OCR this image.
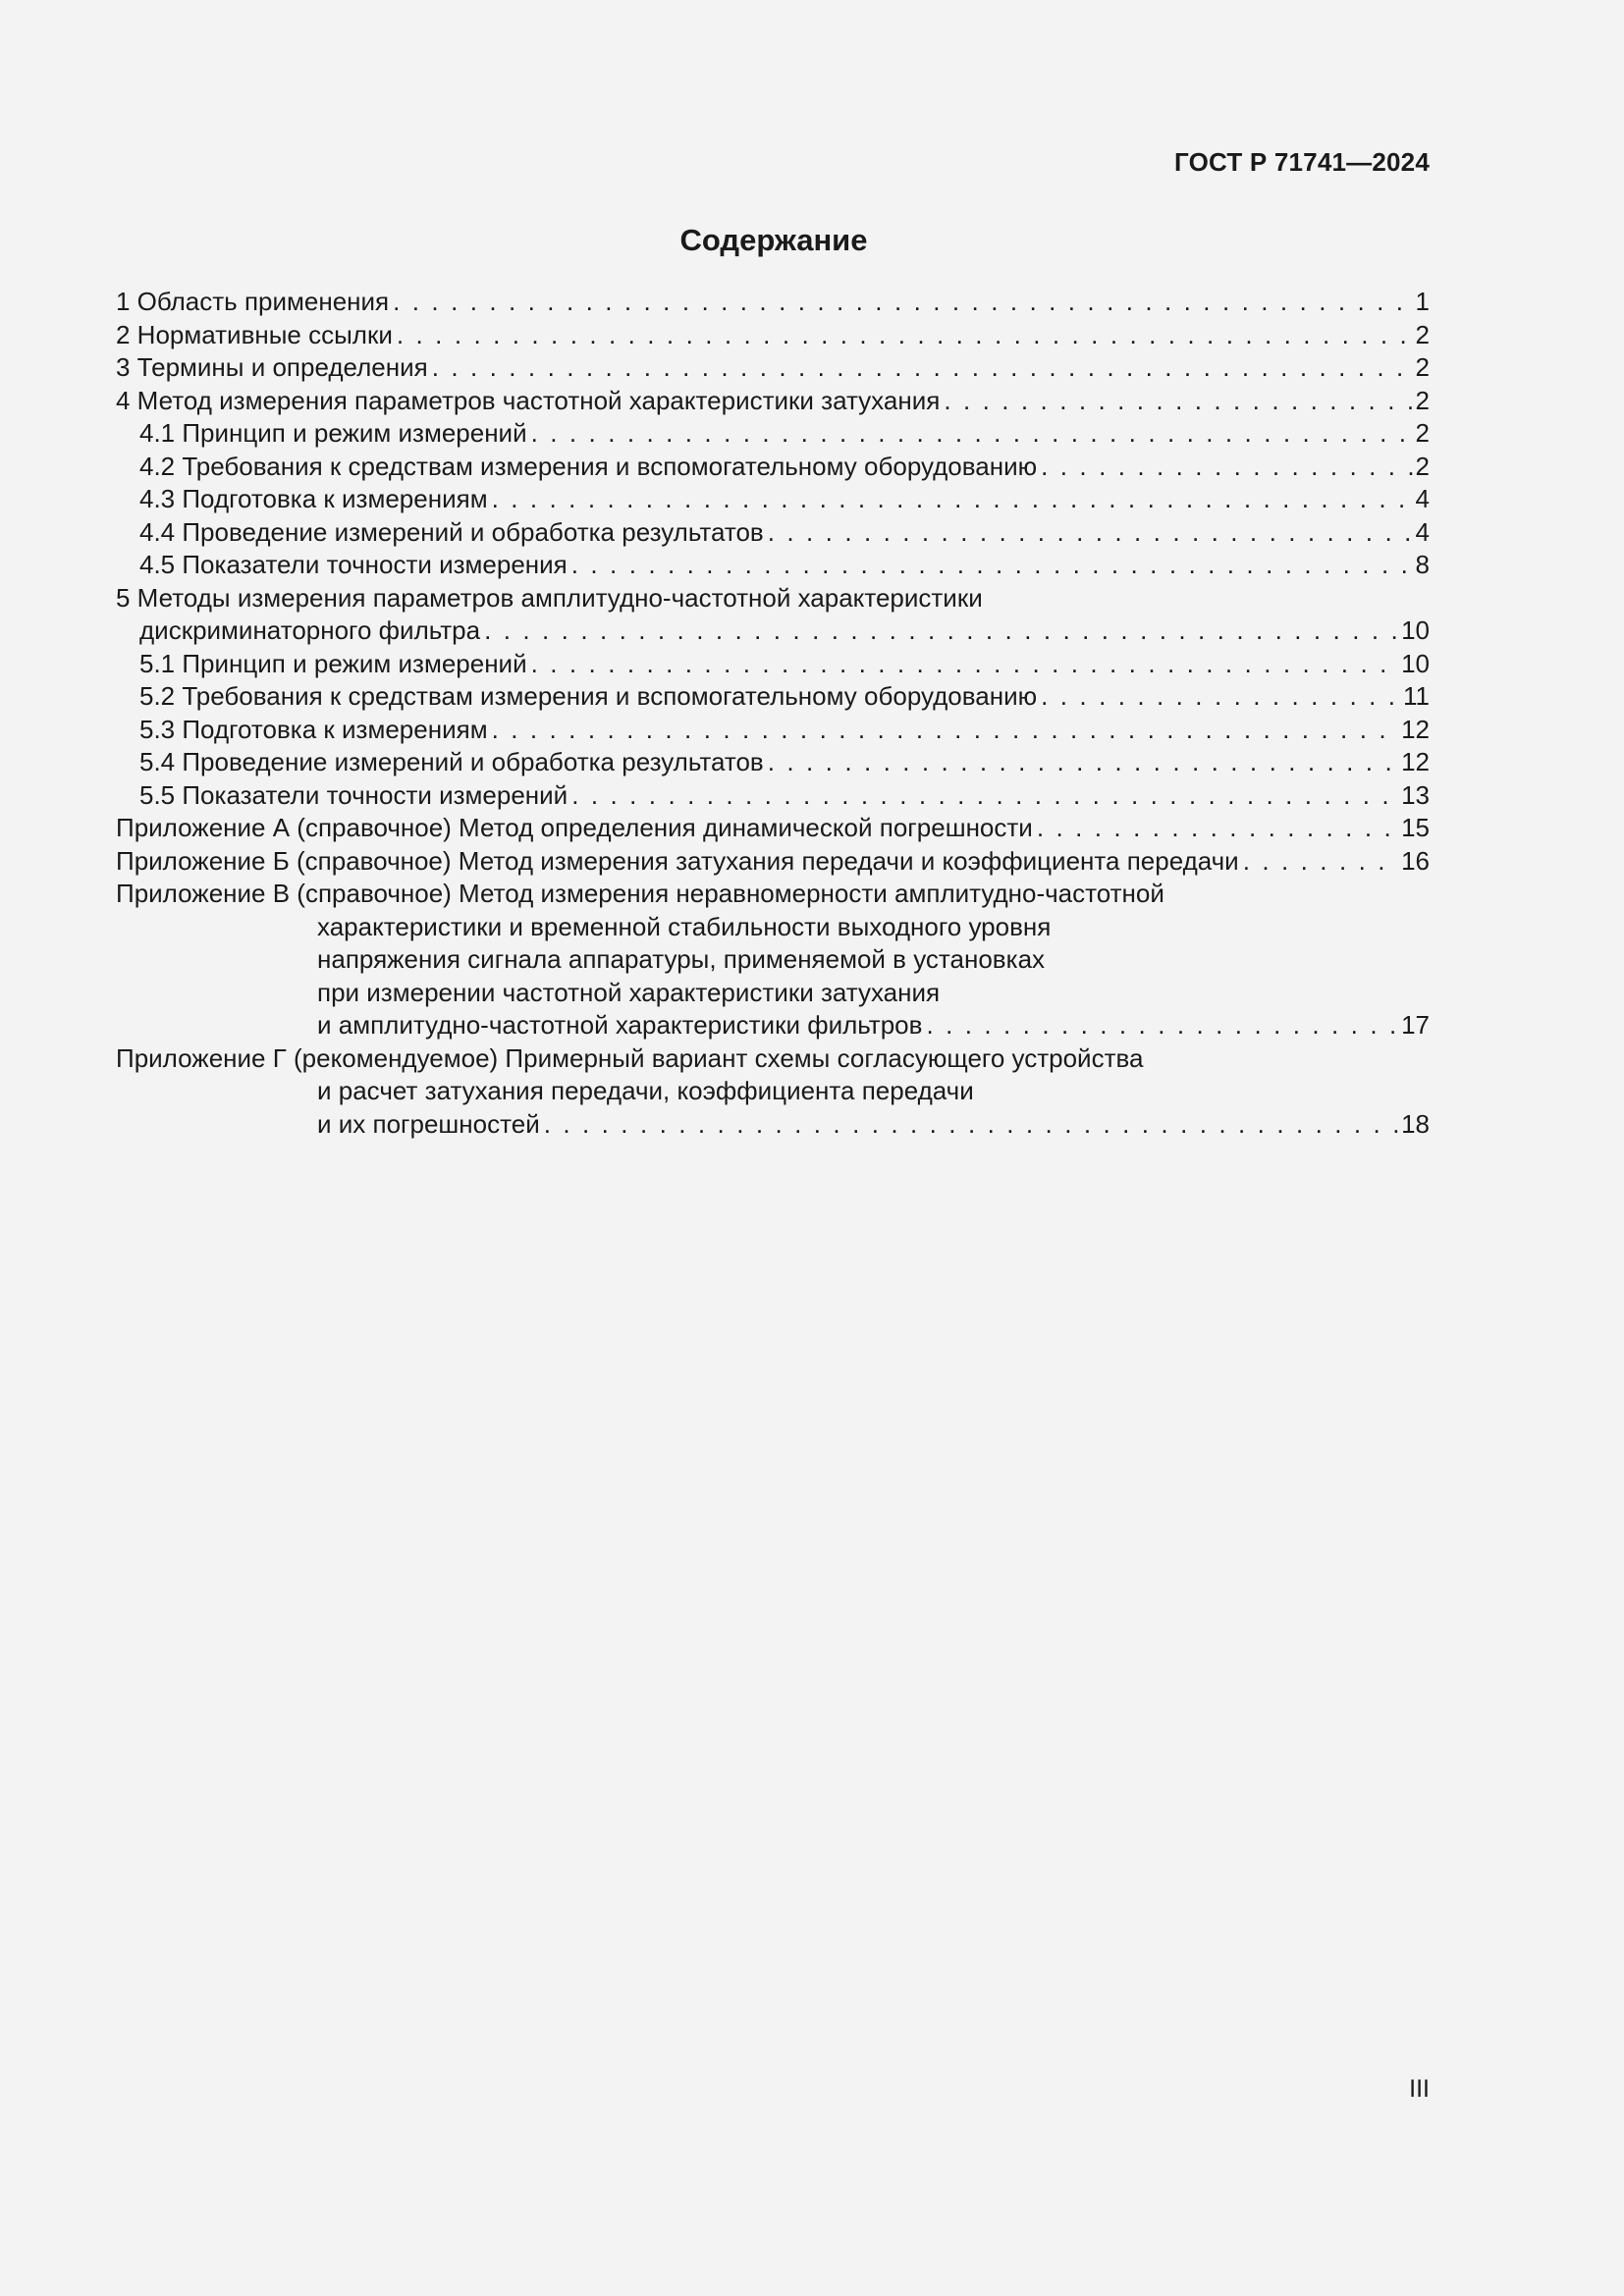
ГОСТ Р 71741—2024
Содержание
1 Область применения . . .	1
2 Нормативные ссылки . . .	2
3 Термины и определения . . .	2
4 Метод измерения параметров частотной характеристики затухания . . .	2
4.1 Принцип и режим измерений . . .	2
4.2 Требования к средствам измерения и вспомогательному оборудованию . . .	2
4.3 Подготовка к измерениям . . .	4
4.4 Проведение измерений и обработка результатов . . .	4
4.5 Показатели точности измерения . . .	8
5 Методы измерения параметров амплитудно-частотной характеристики
дискриминаторного фильтра . . .	10
5.1 Принцип и режим измерений . . .	10
5.2 Требования к средствам измерения и вспомогательному оборудованию . . .	11
5.3 Подготовка к измерениям . . .	12
5.4 Проведение измерений и обработка результатов . . .	12
5.5 Показатели точности измерений . . .	13
Приложение А (справочное) Метод определения динамической погрешности . . .	15
Приложение Б (справочное) Метод измерения затухания передачи и коэффициента передачи . . .	16
Приложение В (справочное) Метод измерения неравномерности амплитудно-частотной
характеристики и временной стабильности выходного уровня
напряжения сигнала аппаратуры, применяемой в установках
при измерении частотной характеристики затухания
и амплитудно-частотной характеристики фильтров . . .	17
Приложение Г (рекомендуемое) Примерный вариант схемы согласующего устройства
и расчет затухания передачи, коэффициента передачи
и их погрешностей . . .	18
III
